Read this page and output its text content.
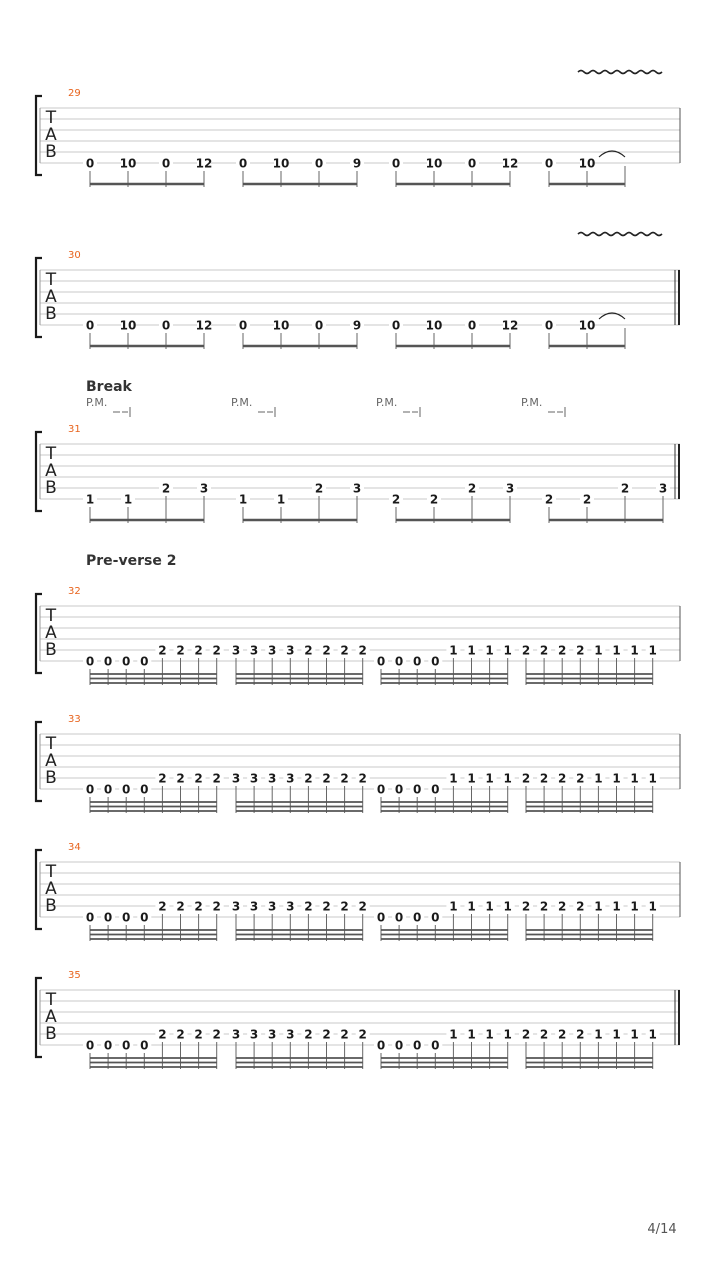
29
T
A
B
0 10 0 12 0 10 0 9	0 10 0 12 0 10
30
T
A
B
0 10 0 12 0 10 0 9	0 10 0 12 0 10
Break
31
T
A
B
1 1
2 3
1 1
2 3
2 2
2 3
2 2
2 3
P.M.	P.M.	P.M.	P.M.
Pre-verse 2
32
T
A
B
0 0 0 0
2 2 2 2 3 3 3 3 2 2 2 2
0 0 0 0
1 1 1 1 2 2 2 2 1 1 1 1
33
T
A
B
0 0 0 0
2 2 2 2 3 3 3 3 2 2 2 2
0 0 0 0
1 1 1 1 2 2 2 2 1 1 1 1
34
T
A
B
0 0 0 0
2 2 2 2 3 3 3 3 2 2 2 2
0 0 0 0
1 1 1 1 2 2 2 2 1 1 1 1
35
T
A
B
0 0 0 0
2 2 2 2 3 3 3 3 2 2 2 2
0 0 0 0
1 1 1 1 2 2 2 2 1 1 1 1
4/14
